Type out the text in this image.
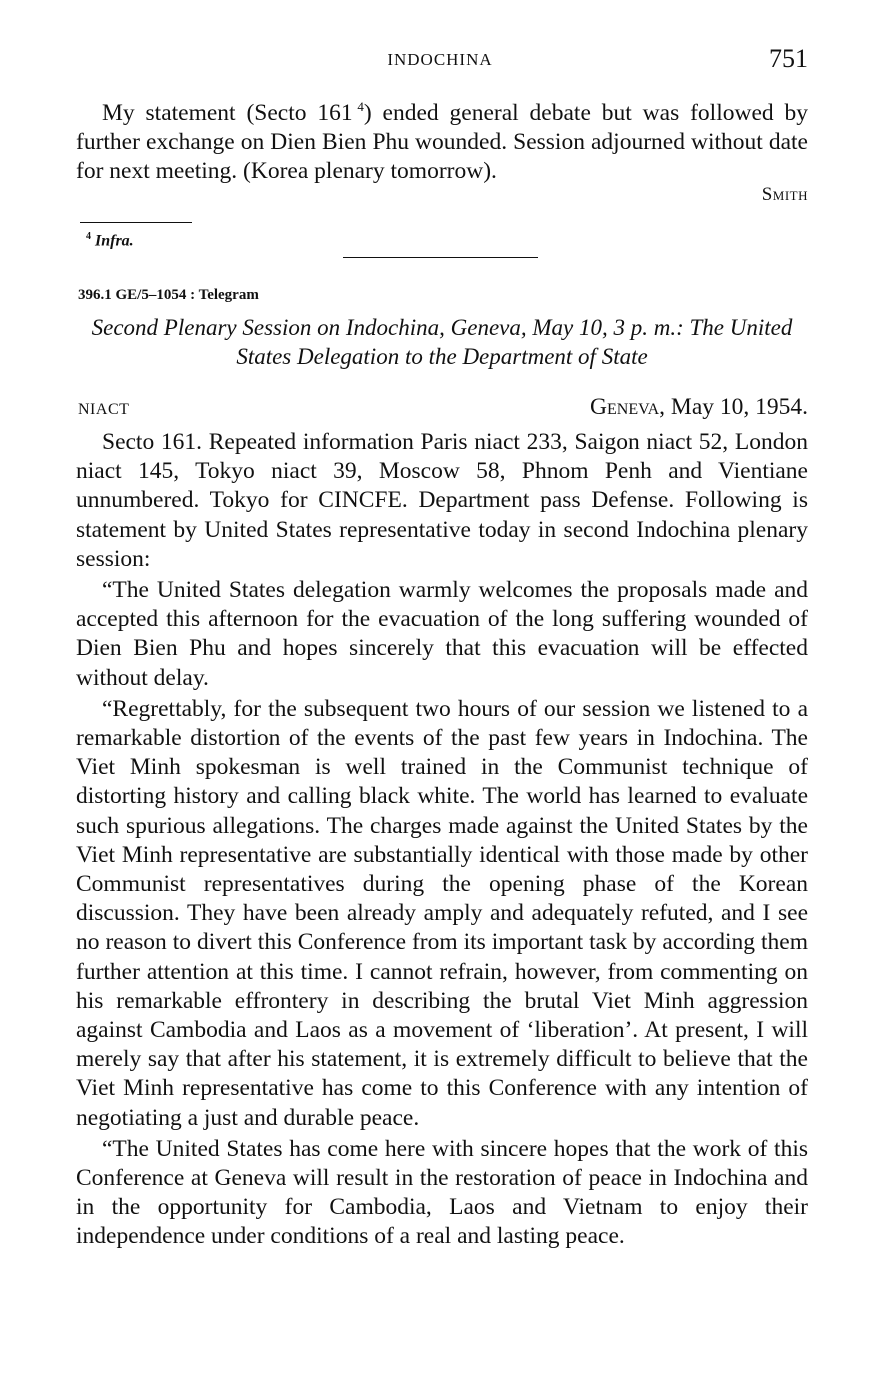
INDOCHINA	751

My statement (Secto 161  $^4$) ended general debate but was followed by further exchange on Dien Bien Phu wounded. Session adjourned without date for next meeting. (Korea plenary tomorrow).

Smith
$^4$ Infra.
396.1 GE/5–1054 : Telegram
Second Plenary Session on Indochina, Geneva, May 10, 3 p. m.: The United States Delegation to the Department of State
NIACT	Geneva, May 10, 1954.

Secto 161. Repeated information Paris niact 233, Saigon niact 52, London niact 145, Tokyo niact 39, Moscow 58, Phnom Penh and Vientiane unnumbered. Tokyo for CINCFE. Department pass Defense. Following is statement by United States representative today in second Indochina plenary session:

“The United States delegation warmly welcomes the proposals made and accepted this afternoon for the evacuation of the long suffering wounded of Dien Bien Phu and hopes sincerely that this evacuation will be effected without delay.

“Regrettably, for the subsequent two hours of our session we listened to a remarkable distortion of the events of the past few years in Indochina. The Viet Minh spokesman is well trained in the Communist technique of distorting history and calling black white. The world has learned to evaluate such spurious allegations. The charges made against the United States by the Viet Minh representative are substantially identical with those made by other Communist representatives during the opening phase of the Korean discussion. They have been already amply and adequately refuted, and I see no reason to divert this Conference from its important task by according them further attention at this time. I cannot refrain, however, from commenting on his remarkable effrontery in describing the brutal Viet Minh aggression against Cambodia and Laos as a movement of ‘liberation’. At present, I will merely say that after his statement, it is extremely difficult to believe that the Viet Minh representative has come to this Conference with any intention of negotiating a just and durable peace.

“The United States has come here with sincere hopes that the work of this Conference at Geneva will result in the restoration of peace in Indochina and in the opportunity for Cambodia, Laos and Vietnam to enjoy their independence under conditions of a real and lasting peace.
